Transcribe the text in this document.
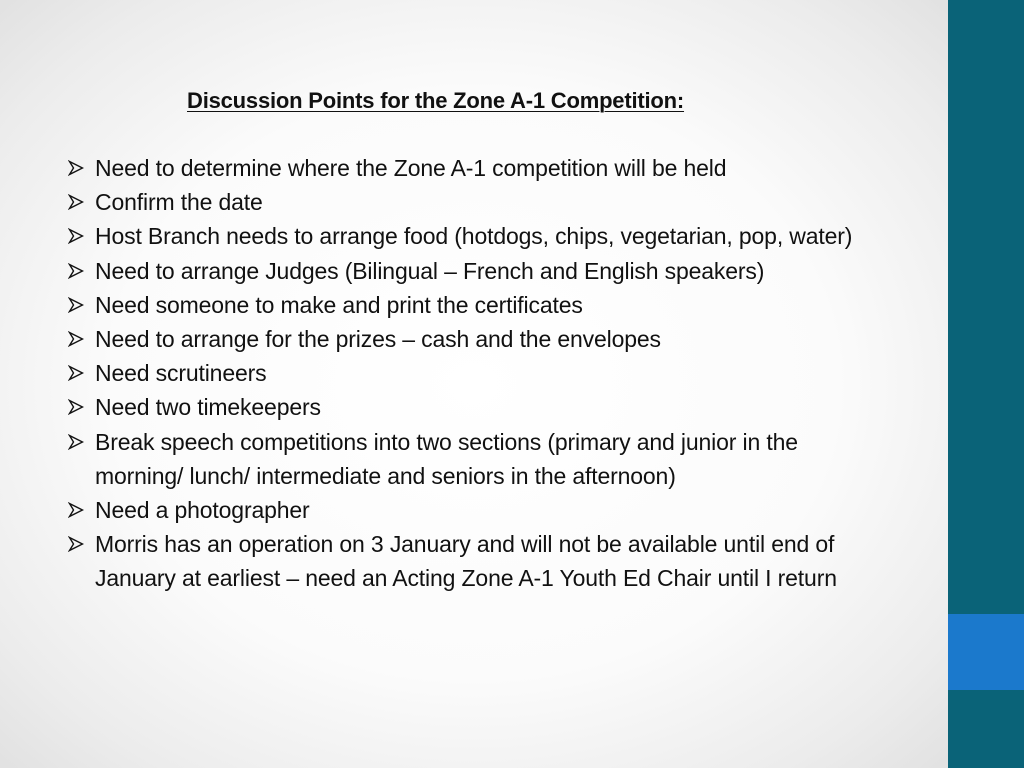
Discussion Points for the Zone A-1 Competition:
Need to determine where the Zone A-1 competition will be held
Confirm the date
Host Branch needs to arrange food (hotdogs, chips, vegetarian, pop, water)
Need to arrange Judges (Bilingual – French and English speakers)
Need someone to make and print the certificates
Need to arrange for the prizes – cash and the envelopes
Need scrutineers
Need two timekeepers
Break speech competitions into two sections (primary and junior in the morning/ lunch/ intermediate and seniors in the afternoon)
Need a photographer
Morris has an operation on 3 January and will not be available until end of January at earliest – need an Acting Zone A-1 Youth Ed Chair until I return
